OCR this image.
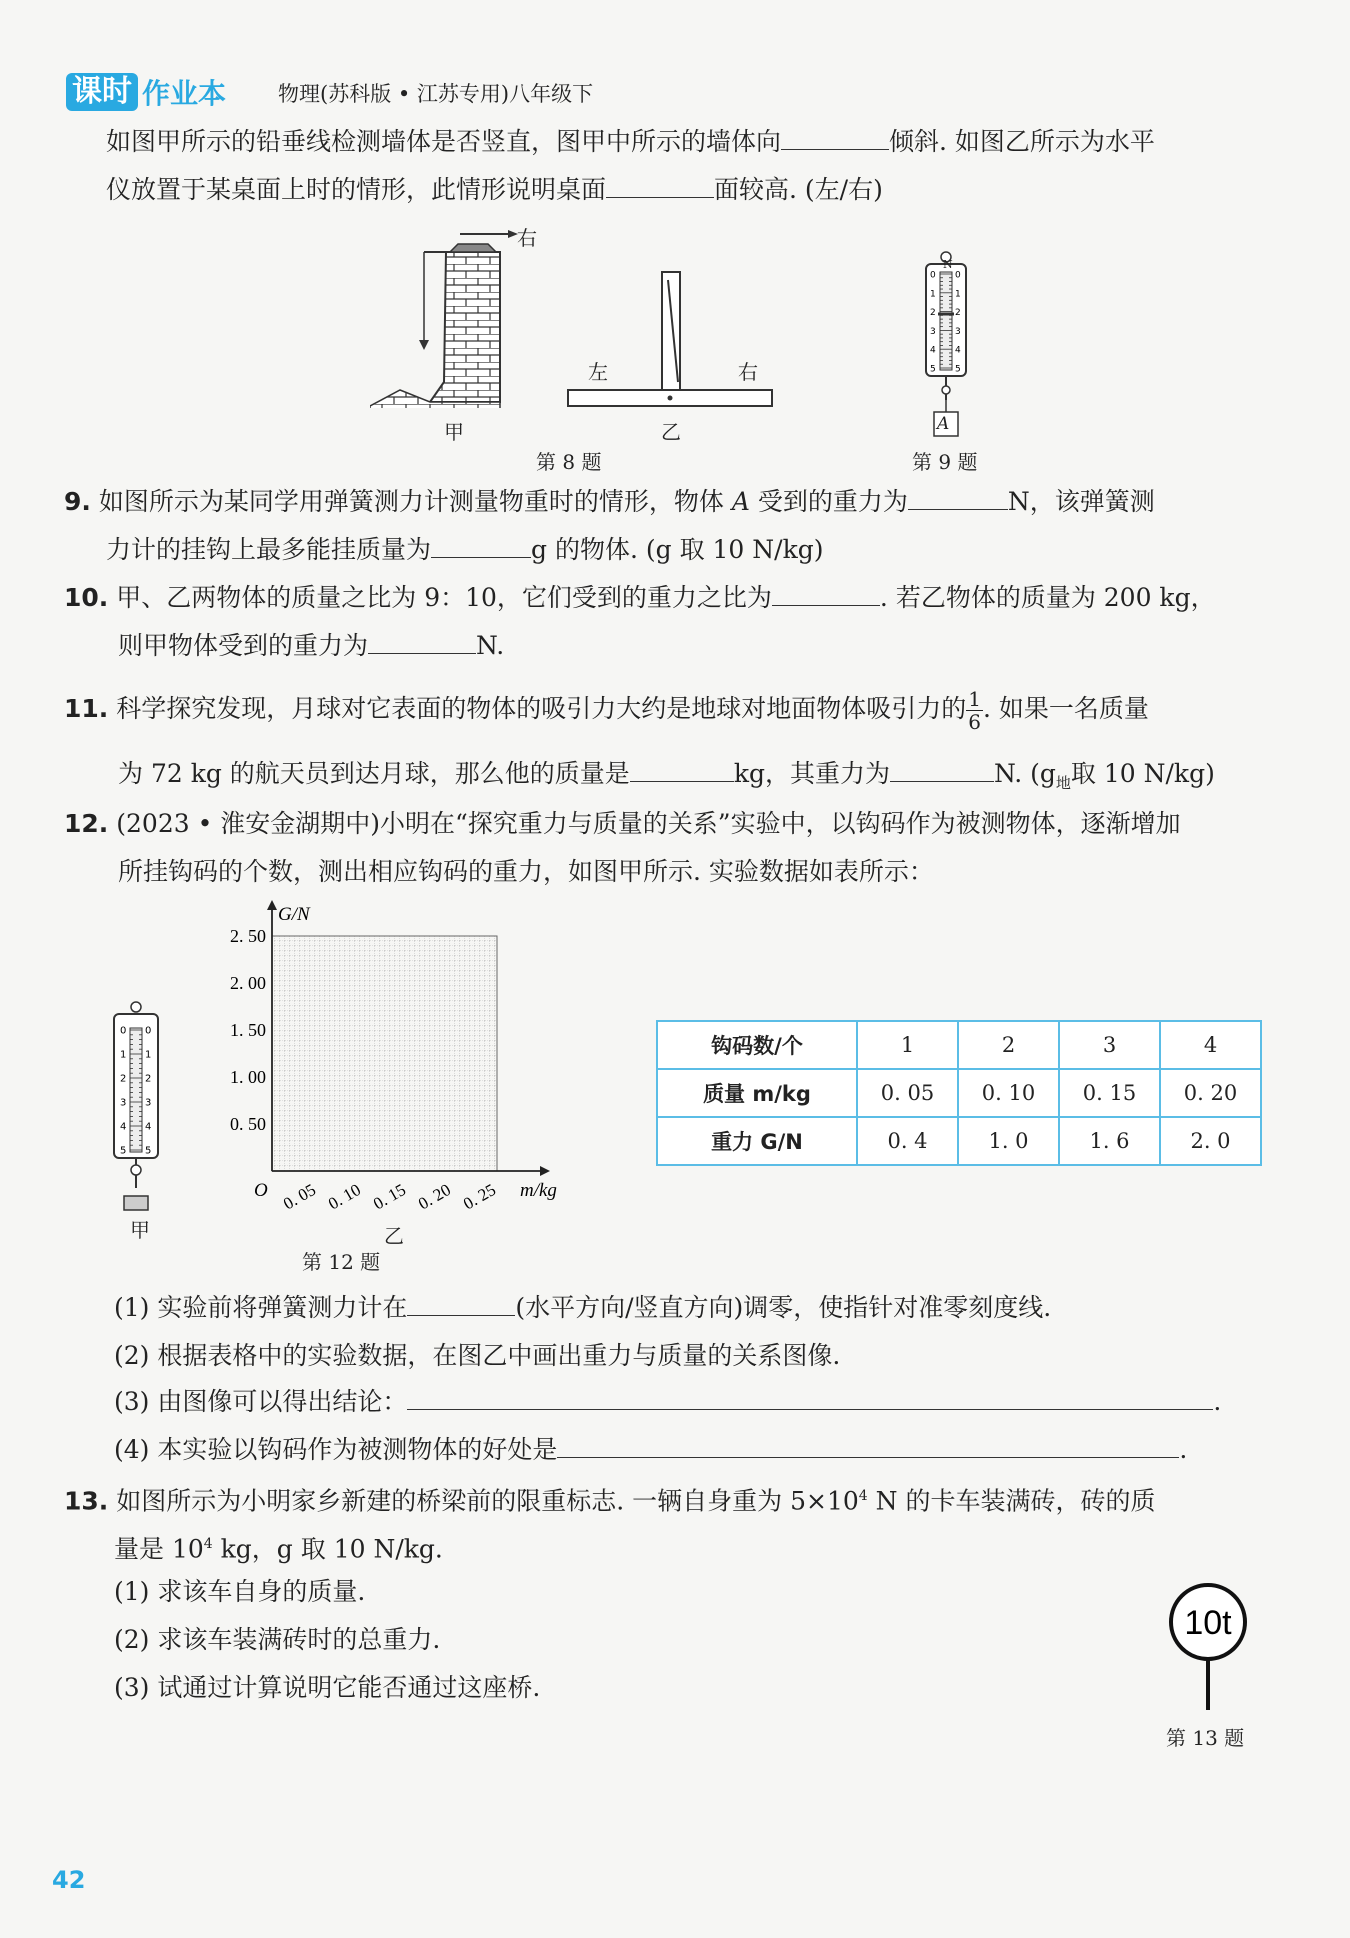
课时 作业本 物理(苏科版 • 江苏专用)八年级下
如图甲所示的铅垂线检测墙体是否竖直，图甲中所示的墙体向	倾斜. 如图乙所示为水平
仪放置于某桌面上时的情形，此情形说明桌面	面较高. (左/右)
右
甲
左	右
乙
第 8 题
0 0
1 1
2 2
3 3
4 4
5 5
N
A
第 9 题
9. 如图所示为某同学用弹簧测力计测量物重时的情形，物体 A 受到的重力为	N，该弹簧测
力计的挂钩上最多能挂质量为	g 的物体. (g 取 10 N/kg)
10. 甲、乙两物体的质量之比为 9：10，它们受到的重力之比为	. 若乙物体的质量为 200 kg，
则甲物体受到的重力为	N.
11. 科学探究发现，月球对它表面的物体的吸引力大约是地球对地面物体吸引力的 $\frac{1}{6}$ . 如果一名质量
为 72 kg 的航天员到达月球，那么他的质量是	kg，其重力为	N. ($g_地$取 10 N/kg)
12. (2023 • 淮安金湖期中)小明在“探究重力与质量的关系”实验中，以钩码作为被测物体，逐渐增加
所挂钩码的个数，测出相应钩码的重力，如图甲所示. 实验数据如表所示：
0 0
1 1
2 2
3 3
4 4
5 5
甲
0. 50
1. 00
1. 50
2. 00
2. 50
0. 05 0. 10 0. 15 0. 20 0. 25
G/N
m/kg
O
乙
第 12 题
钩码数/个	1	2	3	4
质量 m/kg	0. 05	0. 10	0. 15	0. 20
重力 G/N	0. 4	1. 0	1. 6	2. 0
(1) 实验前将弹簧测力计在	(水平方向/竖直方向)调零，使指针对准零刻度线.
(2) 根据表格中的实验数据，在图乙中画出重力与质量的关系图像.
(3) 由图像可以得出结论：	.
(4) 本实验以钩码作为被测物体的好处是	.
13. 如图所示为小明家乡新建的桥梁前的限重标志. 一辆自身重为 $5\times 10^4$ N 的卡车装满砖，砖的质
量是 $10^4$ kg，g 取 10 N/kg.
(1) 求该车自身的质量.
(2) 求该车装满砖时的总重力.
(3) 试通过计算说明它能否通过这座桥.
10t
第 13 题
42
